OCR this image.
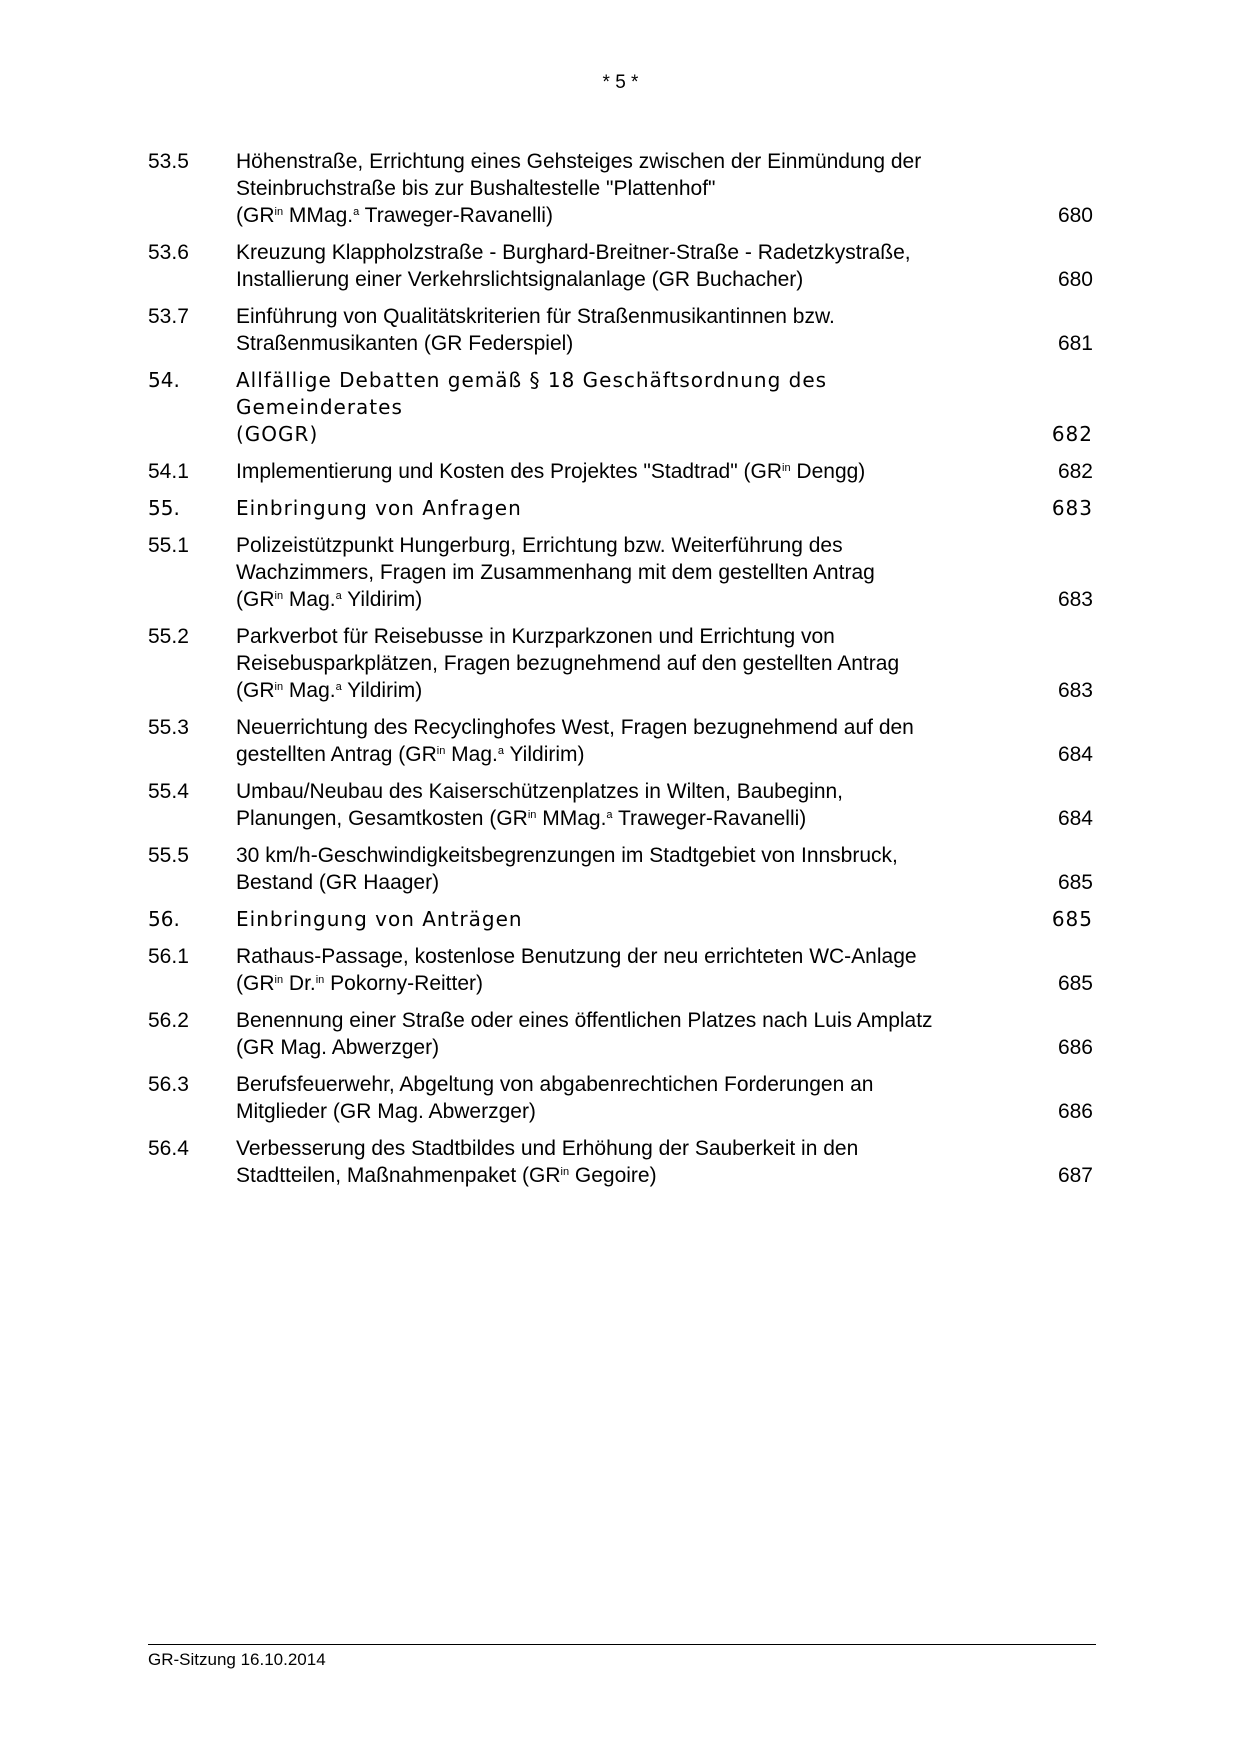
* 5 *
53.5	Höhenstraße, Errichtung eines Gehsteiges zwischen der Einmündung der
Steinbruchstraße bis zur Bushaltestelle "Plattenhof"
($GR^{in}$ MMag.$^a$ Traweger-Ravanelli)	680
53.6	Kreuzung Klappholzstraße - Burghard-Breitner-Straße - Radetzkystraße,
Installierung einer Verkehrslichtsignalanlage (GR Buchacher)	680
53.7	Einführung von Qualitätskriterien für Straßenmusikantinnen bzw.
Straßenmusikanten (GR Federspiel)	681
54.	Allfällige Debatten gemäß § 18 Geschäftsordnung des Gemeinderates
(GOGR)	682
54.1	Implementierung und Kosten des Projektes "Stadtrad" ($GR^{in}$ Dengg)	682
55.	Einbringung von Anfragen	683
55.1	Polizeistützpunkt Hungerburg, Errichtung bzw. Weiterführung des
Wachzimmers, Fragen im Zusammenhang mit dem gestellten Antrag
($GR^{in}$ Mag.$^a$ Yildirim)	683
55.2	Parkverbot für Reisebusse in Kurzparkzonen und Errichtung von
Reisebusparkplätzen, Fragen bezugnehmend auf den gestellten Antrag
($GR^{in}$ Mag.$^a$ Yildirim)	683
55.3	Neuerrichtung des Recyclinghofes West, Fragen bezugnehmend auf den
gestellten Antrag ($GR^{in}$ Mag.$^a$ Yildirim)	684
55.4	Umbau/Neubau des Kaiserschützenplatzes in Wilten, Baubeginn,
Planungen, Gesamtkosten ($GR^{in}$ MMag.$^a$ Traweger-Ravanelli)	684
55.5	30 km/h-Geschwindigkeitsbegrenzungen im Stadtgebiet von Innsbruck,
Bestand (GR Haager)	685
56.	Einbringung von Anträgen	685
56.1	Rathaus-Passage, kostenlose Benutzung der neu errichteten WC-Anlage
($GR^{in}$ Dr.$^{in}$ Pokorny-Reitter)	685
56.2	Benennung einer Straße oder eines öffentlichen Platzes nach Luis Amplatz
(GR Mag. Abwerzger)	686
56.3	Berufsfeuerwehr, Abgeltung von abgabenrechtichen Forderungen an
Mitglieder (GR Mag. Abwerzger)	686
56.4	Verbesserung des Stadtbildes und Erhöhung der Sauberkeit in den
Stadtteilen, Maßnahmenpaket ($GR^{in}$ Gegoire)	687
GR-Sitzung 16.10.2014
